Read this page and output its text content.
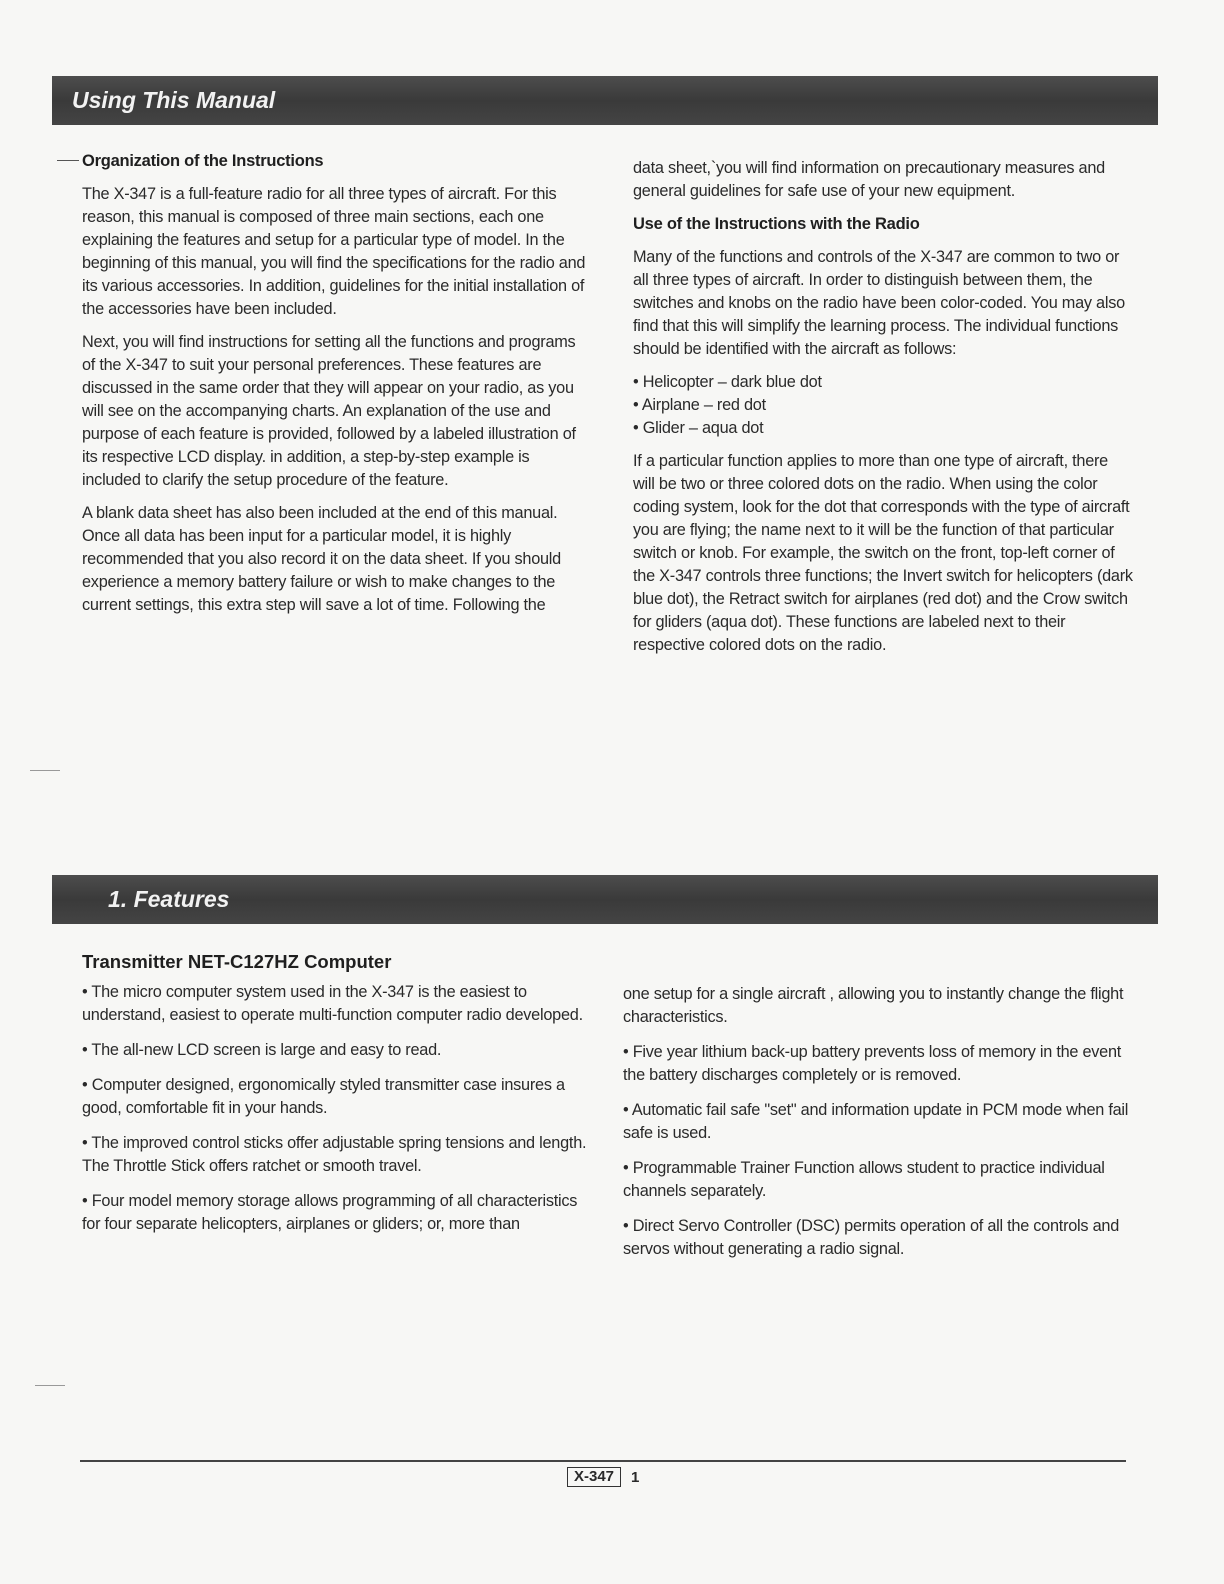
Using This Manual
Organization of the Instructions

The X-347 is a full-feature radio for all three types of aircraft. For this reason, this manual is composed of three main sections, each one explaining the features and setup for a particular type of model. In the beginning of this manual, you will find the specifications for the radio and its various accessories. In addition, guidelines for the initial installation of the accessories have been included.

Next, you will find instructions for setting all the functions and programs of the X-347 to suit your personal preferences. These features are discussed in the same order that they will appear on your radio, as you will see on the accompanying charts. An explanation of the use and purpose of each feature is provided, followed by a labeled illustration of its respective LCD display. in addition, a step-by-step example is included to clarify the setup procedure of the feature.

A blank data sheet has also been included at the end of this manual. Once all data has been input for a particular model, it is highly recommended that you also record it on the data sheet. If you should experience a memory battery failure or wish to make changes to the current settings, this extra step will save a lot of time. Following the

data sheet,`you will find information on precautionary measures and general guidelines for safe use of your new equipment.

Use of the Instructions with the Radio

Many of the functions and controls of the X-347 are common to two or all three types of aircraft. In order to distinguish between them, the switches and knobs on the radio have been color-coded. You may also find that this will simplify the learning process. The individual functions should be identified with the aircraft as follows:

• Helicopter – dark blue dot
• Airplane – red dot
• Glider – aqua dot

If a particular function applies to more than one type of aircraft, there will be two or three colored dots on the radio. When using the color coding system, look for the dot that corresponds with the type of aircraft you are flying; the name next to it will be the function of that particular switch or knob. For example, the switch on the front, top-left corner of the X-347 controls three functions; the Invert switch for helicopters (dark blue dot), the Retract switch for airplanes (red dot) and the Crow switch for gliders (aqua dot). These functions are labeled next to their respective colored dots on the radio.

1. Features
Transmitter NET-C127HZ Computer

• The micro computer system used in the X-347 is the easiest to understand, easiest to operate multi-function computer radio developed.

• The all-new LCD screen is large and easy to read.

• Computer designed, ergonomically styled transmitter case insures a good, comfortable fit in your hands.

• The improved control sticks offer adjustable spring tensions and length. The Throttle Stick offers ratchet or smooth travel.

• Four model memory storage allows programming of all characteristics for four separate helicopters, airplanes or gliders; or, more than

one setup for a single aircraft , allowing you to instantly change the flight characteristics.

• Five year lithium back-up battery prevents loss of memory in the event the battery discharges completely or is removed.

• Automatic fail safe "set" and information update in PCM mode when fail safe is used.

• Programmable Trainer Function allows student to practice individual channels separately.

• Direct Servo Controller (DSC) permits operation of all the controls and servos without generating a radio signal.

X-347	1
